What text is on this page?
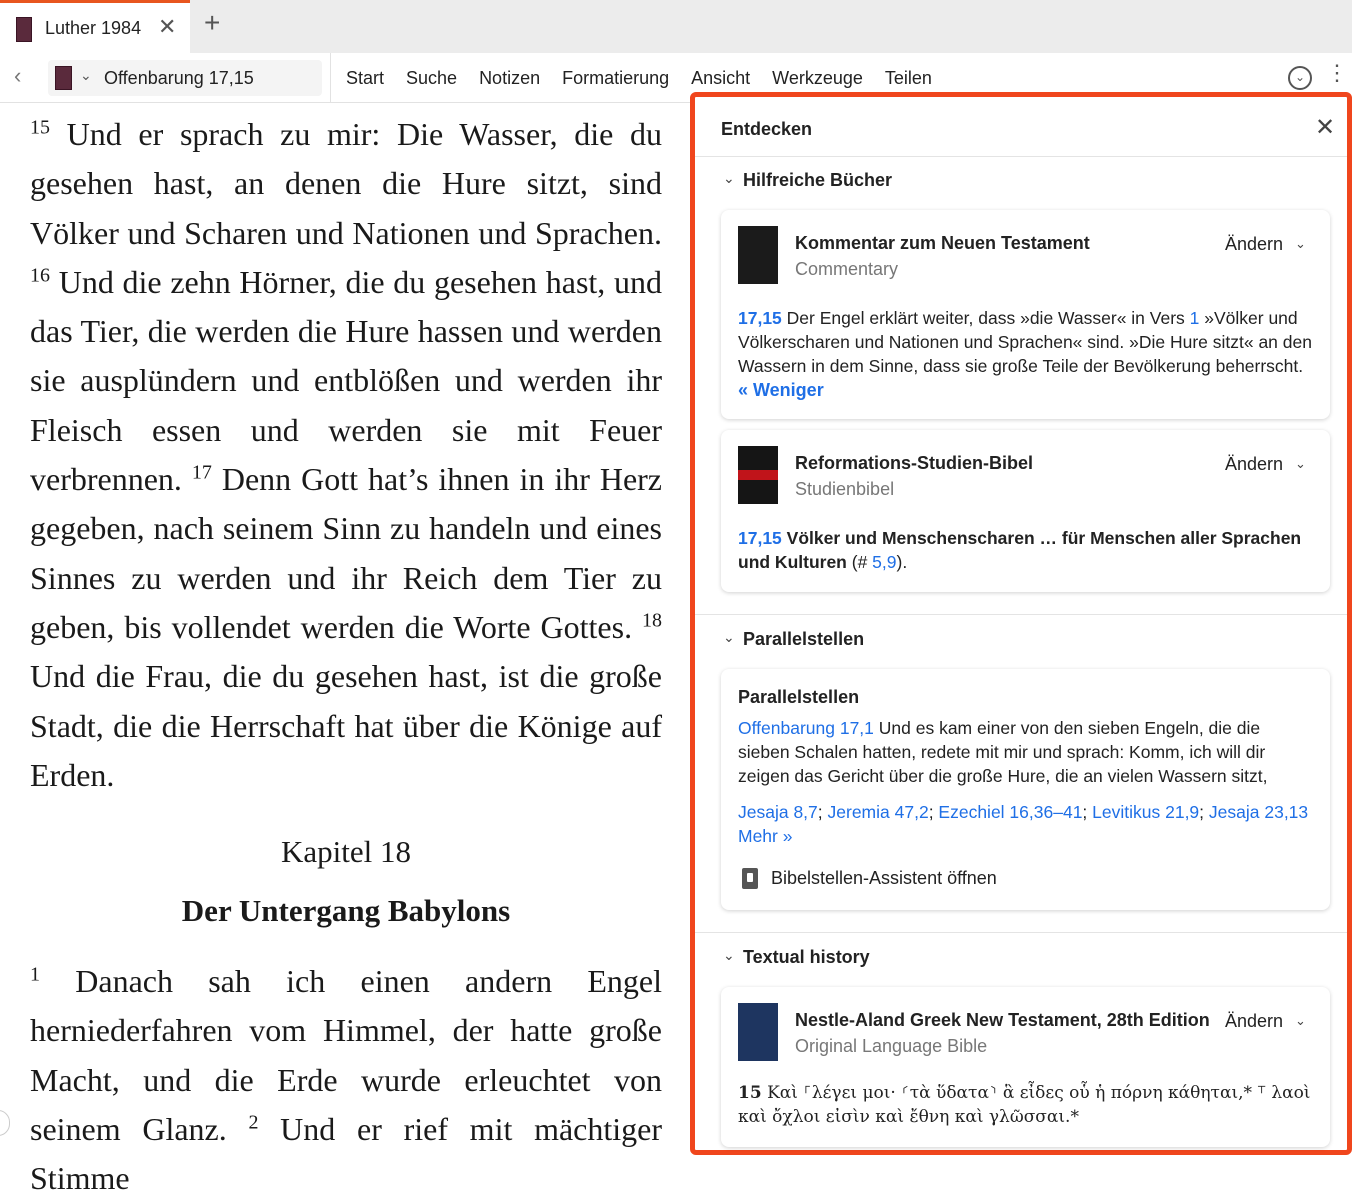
Luther 1984 ✕ +
‹	⌄ Offenbarung 17,15	Start	Suche	Notizen	Formatierung	Ansicht	Werkzeuge	Teilen	⌄ ⋮

$^{15}$ Und er sprach zu mir: Die Wasser, die du gesehen hast, an denen die Hure sitzt, sind Völker und Scharen und Nationen und Sprachen. $^{16}$ Und die zehn Hörner, die du gesehen hast, und das Tier, die werden die Hure hassen und werden sie ausplündern und entblößen und werden ihr Fleisch essen und werden sie mit Feuer verbrennen. $^{17}$ Denn Gott hat’s ihnen in ihr Herz gegeben, nach seinem Sinn zu handeln und eines Sinnes zu werden und ihr Reich dem Tier zu geben, bis vollendet werden die Worte Gottes. $^{18}$ Und die Frau, die du gesehen hast, ist die große Stadt, die die Herrschaft hat über die Könige auf Erden.

Kapitel 18
Der Untergang Babylons

$^1$ Danach sah ich einen andern Engel herniederfahren vom Himmel, der hatte große Macht, und die Erde wurde erleuchtet von seinem Glanz. $^2$ Und er rief mit mächtiger Stimme

Entdecken	✕
⌄ Hilfreiche Bücher
Kommentar zum Neuen Testament
Commentary
Ändern ⌄
17,15 Der Engel erklärt weiter, dass »die Wasser« in Vers 1 »Völker und Völkerscharen und Nationen und Sprachen« sind. »Die Hure sitzt« an den Wassern in dem Sinne, dass sie große Teile der Bevölkerung beherrscht.
« Weniger
Reformations-Studien-Bibel
Studienbibel
Ändern ⌄
17,15 Völker und Menschenscharen … für Menschen aller Sprachen und Kulturen (# 5,9).
⌄ Parallelstellen
Parallelstellen
Offenbarung 17,1 Und es kam einer von den sieben Engeln, die die sieben Schalen hatten, redete mit mir und sprach: Komm, ich will dir zeigen das Gericht über die große Hure, die an vielen Wassern sitzt,
Jesaja 8,7; Jeremia 47,2; Ezechiel 16,36–41; Levitikus 21,9; Jesaja 23,13
Mehr »
Bibelstellen-Assistent öffnen
⌄ Textual history
Nestle-Aland Greek New Testament, 28th Edition
Original Language Bible
Ändern ⌄
15 Καὶ ⸀λέγει μοι· ⸂τὰ ὕδατα⸃ ἃ εἶδες οὗ ἡ πόρνη κάθηται,* ⸆ λαοὶ καὶ ὄχλοι εἰσὶν καὶ ἔθνη καὶ γλῶσσαι.*
